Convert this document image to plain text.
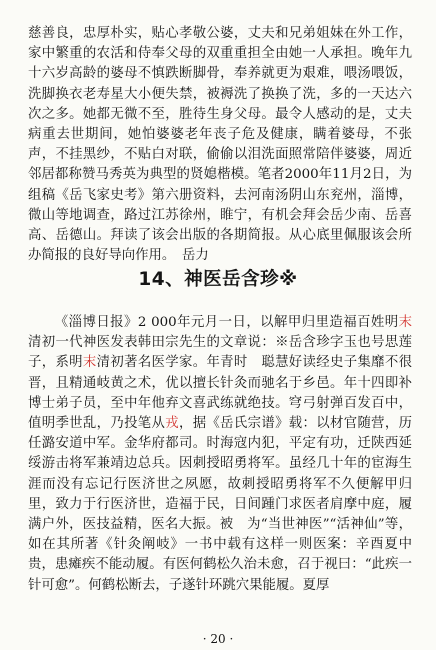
慈善良，忠厚朴实，贴心孝敬公婆，丈夫和兄弟姐妹在外工作，家中繁重的农活和侍奉父母的双重重担全由她一人承担。晚年九十六岁高龄的婆母不慎跌断脚骨，奉养就更为艰难，喂汤喂饭，洗脚换衣老寿星大小便失禁，被褥洗了换换了洗，多的一天达六次之多。她都无微不至，胜待生身父母。最令人感动的是，丈夫病重去世期间，她怕婆婆老年丧子危及健康，瞒着婆母，不张声，不挂黑纱，不贴白对联，偷偷以泪洗面照常陪伴婆婆，周近邻居都称赞马秀英为典型的贤媳楷模。笔者2000年11月2日，为组稿《岳飞家史考》第六册资料，去河南汤阴山东兖州，淄博，微山等地调查，路过江苏徐州，睢宁，有机会拜会岳少南、岳喜高、岳德山。拜读了该会出版的各期简报。从心底里佩服该会所办简报的良好导向作用。　岳力

14、神医岳含珍※

《淄博日报》2 000年元月一日，以解甲归里造福百姓明末清初一代神医发表韩田宗先生的文章说：※岳含珍字玉也号思莲子，系明末清初著名医学家。年青时　聪慧好读经史子集靡不很晋，且精通岐黄之术，优以擅长针灸而驰名于乡邑。年十四即补博士弟子员，至中年他弃文喜武练就绝技。穹弓射弹百发百中，值明季世乱，乃投笔从戎，据《岳氏宗谱》载：以材官随营，历任潞安道中军。金华府都司。时海寇内犯，平定有功，迁陕西延绥游击将军兼靖边总兵。因刺授昭勇将军。虽经几十年的宦海生涯而没有忘记行医济世之夙愿，故刺授昭勇将军不久便解甲归里，致力于行医济世，造福于民，日间踵门求医者肩摩中庭，履满户外，医技益精，医名大振。被　为“当世神医”“活神仙”等，如在其所著《针灸阐岐》一书中载有这样一则医案：辛酉夏中贵，患瘫疾不能动履。有医何鹤松久治未愈，召于视曰：“此疾一针可愈”。何鹤松断去，子遂针环跳穴果能履。夏厚

· 20 ·
